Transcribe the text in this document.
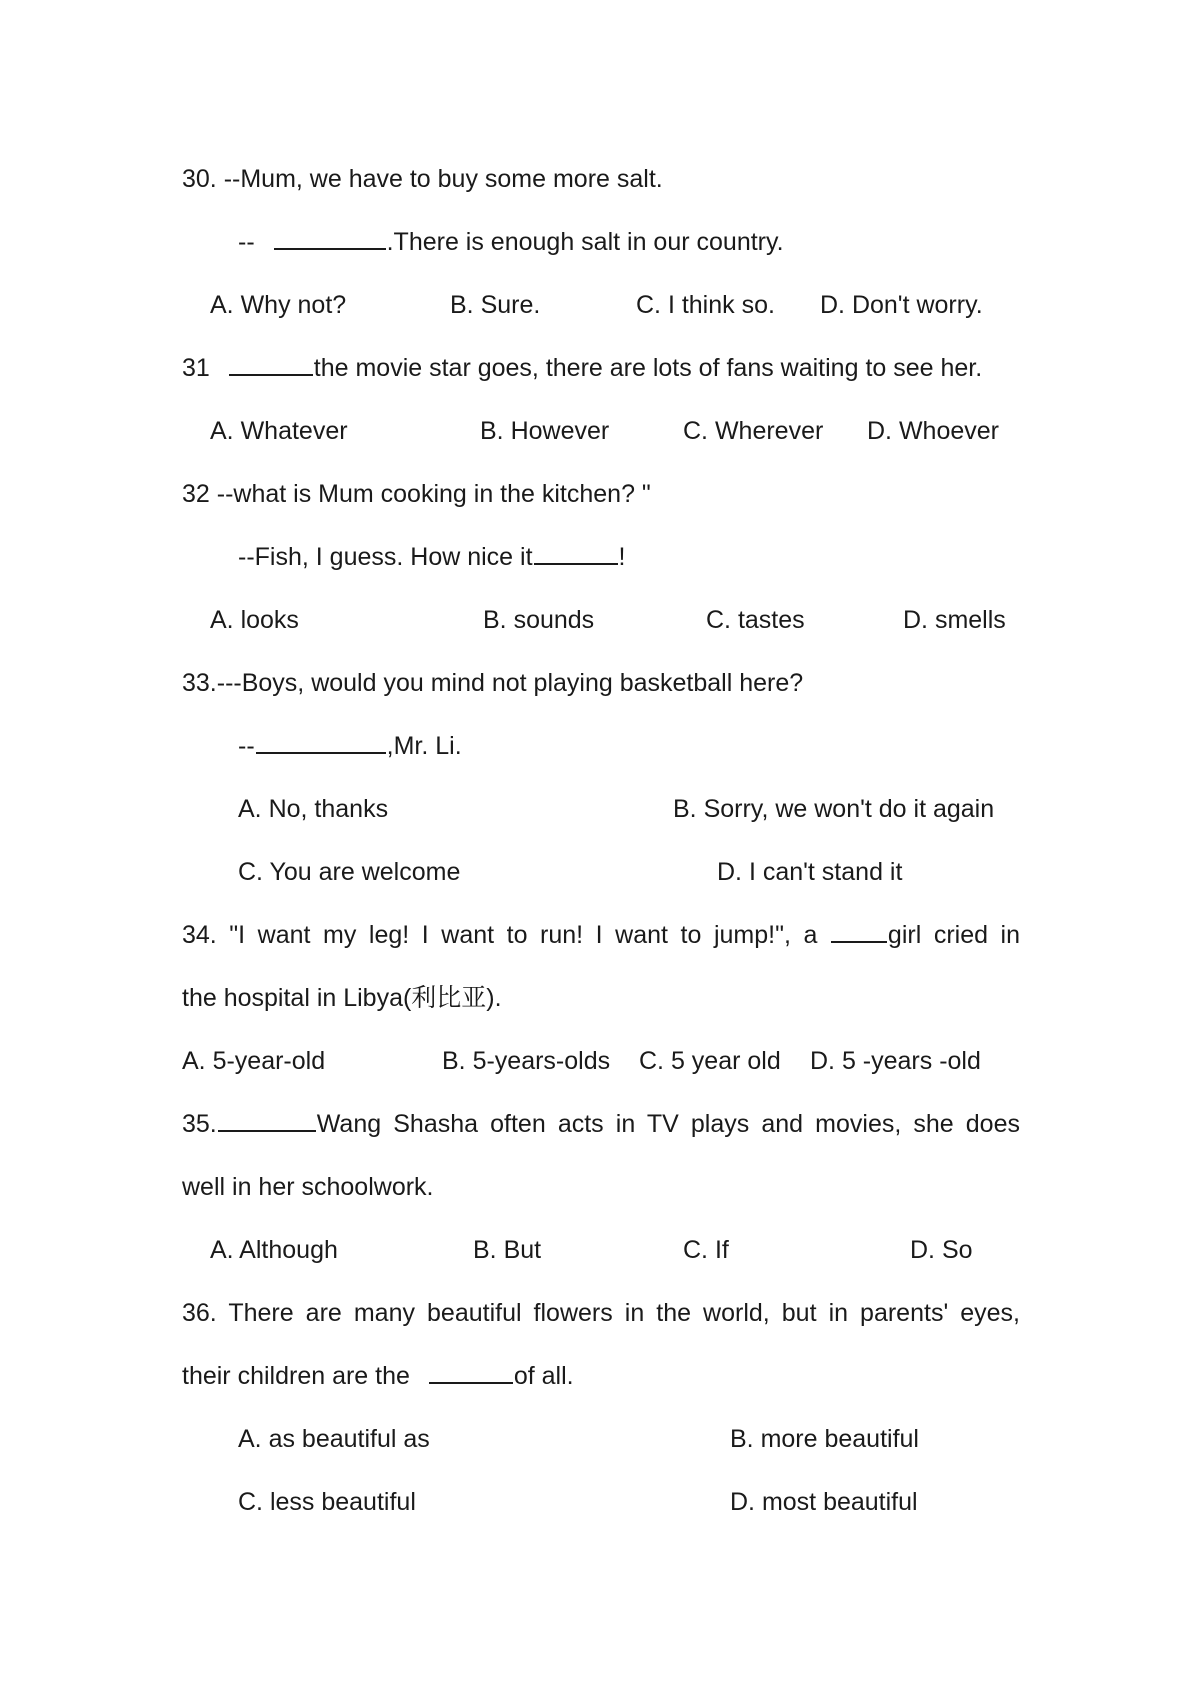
30. --Mum, we have to buy some more salt.
--	.There is enough salt in our country.
A. Why not?	B. Sure.	C. I think so. D. Don't worry.
31	the movie star goes, there are lots of fans waiting to see her.
A. Whatever	B. However	C. Wherever D. Whoever
32 --what is Mum cooking in the kitchen? "
--Fish, I guess. How nice it	!
A. looks	B. sounds	C. tastes	D. smells
33.---Boys, would you mind not playing basketball here?
--	,Mr. Li.
A. No, thanks	B. Sorry, we won't do it again
C. You are welcome	D. I can't stand it
34. "I want my leg! I want to run! I want to jump!", a	girl cried in
the hospital in Libya(利比亚).
A. 5-year-old	B. 5-years-olds C. 5 year old D. 5 -years -old
35.	Wang Shasha often acts in TV plays and movies, she does
well in her schoolwork.
A. Although	B. But	C. If	D. So
36. There are many beautiful flowers in the world, but in parents' eyes,
their children are the	of all.
A. as beautiful as	B. more beautiful
C. less beautiful	D. most beautiful
